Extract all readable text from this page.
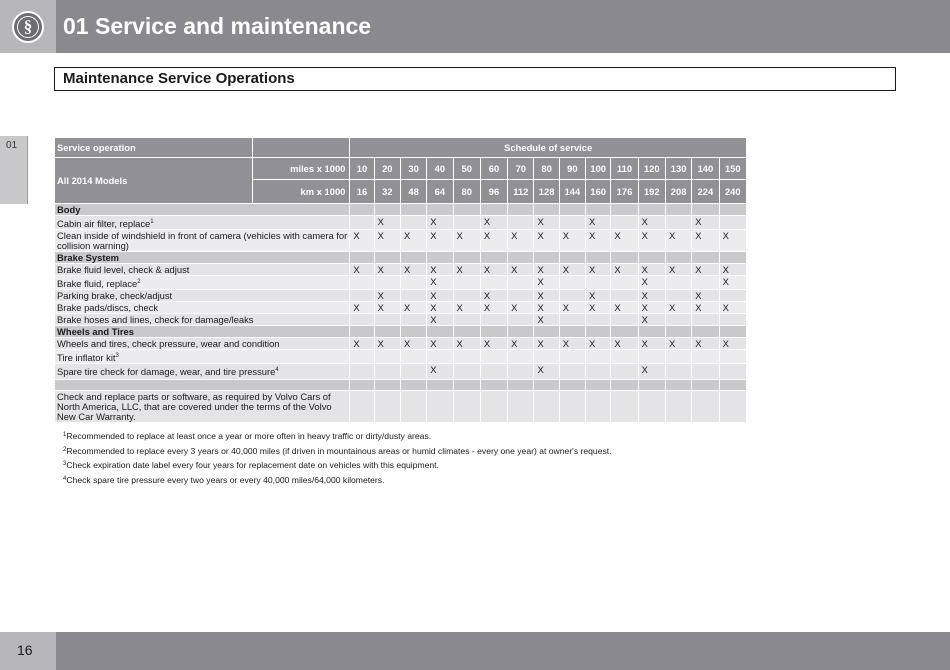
§ 01 Service and maintenance
Maintenance Service Operations
01	Service operation		Schedule of service														
All 2014 Models	miles x 1000	10	20	30	40	50	60	70	80	90	100	110	120	130	140	150
	km x 1000	16	32	48	64	80	96	112	128	144	160	176	192	208	224	240
Body																
Cabin air filter, replace$^1$			X		X		X		X		X		X		X	
Clean inside of windshield in front of camera (vehicles with camera for collision warning)		X	X	X	X	X	X	X	X	X	X	X	X	X	X	X
Brake System																
Brake fluid level, check & adjust		X	X	X	X	X	X	X	X	X	X	X	X	X	X	X
Brake fluid, replace$^2$					X				X				X			X
Parking brake, check/adjust			X		X		X		X		X		X		X	
Brake pads/discs, check		X	X	X	X	X	X	X	X	X	X	X	X	X	X	X
Brake hoses and lines, check for damage/leaks					X				X				X			
Wheels and Tires																
Wheels and tires, check pressure, wear and condition		X	X	X	X	X	X	X	X	X	X	X	X	X	X	X
Tire inflator kit$^3$															
Spare tire check for damage, wear, and tire pressure$^4$					X				X				X			

Check and replace parts or software, as required by Volvo Cars of North America, LLC, that are covered under the terms of the Volvo New Car Warranty.																
$^1$Recommended to replace at least once a year or more often in heavy traffic or dirty/dusty areas.
$^2$Recommended to replace every 3 years or 40,000 miles (if driven in mountainous areas or humid climates - every one year) at owner's request.
$^3$Check expiration date label every four years for replacement date on vehicles with this equipment.
$^4$Check spare tire pressure every two years or every 40,000 miles/64,000 kilometers.
16
